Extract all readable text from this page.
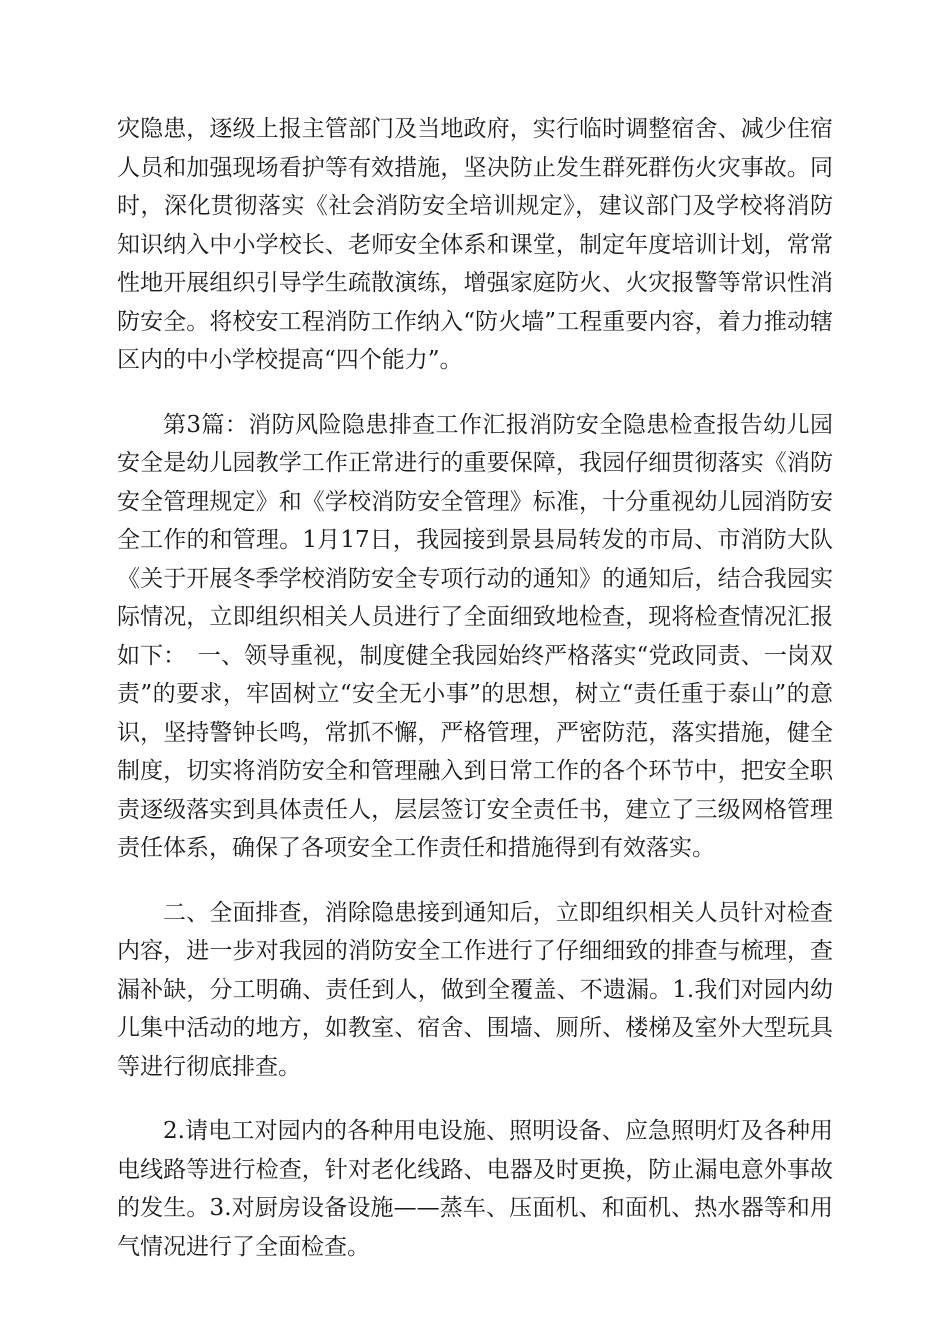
灾隐患，逐级上报主管部门及当地政府，实行临时调整宿舍、减少住宿人员和加强现场看护等有效措施，坚决防止发生群死群伤火灾事故。同时，深化贯彻落实《社会消防安全培训规定》，建议部门及学校将消防知识纳入中小学校长、老师安全体系和课堂，制定年度培训计划，常常性地开展组织引导学生疏散演练，增强家庭防火、火灾报警等常识性消防安全。将校安工程消防工作纳入“防火墙”工程重要内容，着力推动辖区内的中小学校提高“四个能力”。

第3篇：消防风险隐患排查工作汇报消防安全隐患检查报告幼儿园安全是幼儿园教学工作正常进行的重要保障，我园仔细贯彻落实《消防安全管理规定》和《学校消防安全管理》标准，十分重视幼儿园消防安全工作的和管理。1月17日，我园接到景县局转发的市局、市消防大队《关于开展冬季学校消防安全专项行动的通知》的通知后，结合我园实际情况，立即组织相关人员进行了全面细致地检查，现将检查情况汇报如下：　一、领导重视，制度健全我园始终严格落实“党政同责、一岗双责”的要求，牢固树立“安全无小事”的思想，树立“责任重于泰山”的意识，坚持警钟长鸣，常抓不懈，严格管理，严密防范，落实措施，健全制度，切实将消防安全和管理融入到日常工作的各个环节中，把安全职责逐级落实到具体责任人，层层签订安全责任书，建立了三级网格管理责任体系，确保了各项安全工作责任和措施得到有效落实。

二、全面排查，消除隐患接到通知后，立即组织相关人员针对检查内容，进一步对我园的消防安全工作进行了仔细细致的排查与梳理，查漏补缺，分工明确、责任到人，做到全覆盖、不遗漏。1.我们对园内幼儿集中活动的地方，如教室、宿舍、围墙、厕所、楼梯及室外大型玩具等进行彻底排查。

2.请电工对园内的各种用电设施、照明设备、应急照明灯及各种用电线路等进行检查，针对老化线路、电器及时更换，防止漏电意外事故的发生。3.对厨房设备设施——蒸车、压面机、和面机、热水器等和用气情况进行了全面检查。
